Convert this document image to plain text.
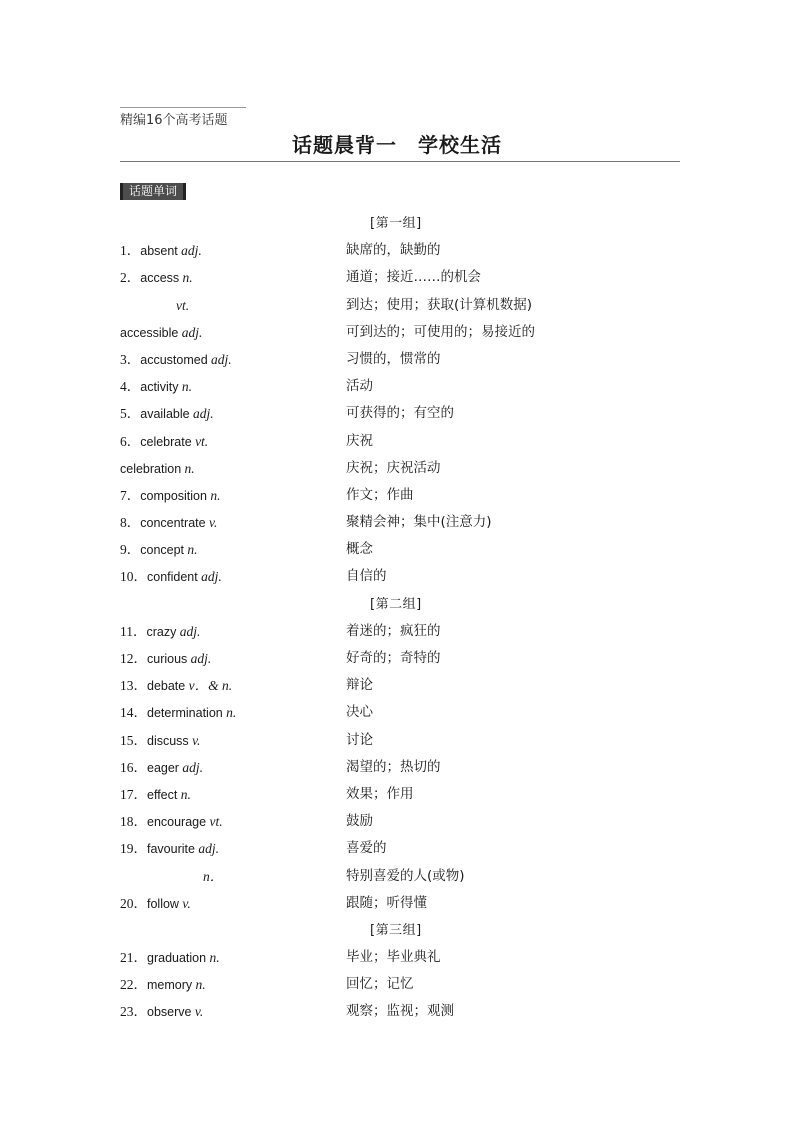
精编16个高考话题
话题晨背一　学校生活
话题单词
[第一组]
1．absent adj.	缺席的，缺勤的
2．access n.	通道；接近……的机会
vt.	到达；使用；获取(计算机数据)
accessible adj.	可到达的；可使用的；易接近的
3．accustomed adj.	习惯的，惯常的
4．activity n.	活动
5．available adj.	可获得的；有空的
6．celebrate vt.	庆祝
celebration n.	庆祝；庆祝活动
7．composition n.	作文；作曲
8．concentrate v.	聚精会神；集中(注意力)
9．concept n.	概念
10．confident adj.	自信的
[第二组]
11．crazy adj.	着迷的；疯狂的
12．curious adj.	好奇的；奇特的
13．debate v．& n.	辩论
14．determination n.	决心
15．discuss v.	讨论
16．eager adj.	渴望的；热切的
17．effect n.	效果；作用
18．encourage vt.	鼓励
19．favourite adj.	喜爱的
n．	特别喜爱的人(或物)
20．follow v.	跟随；听得懂
[第三组]
21．graduation n.	毕业；毕业典礼
22．memory n.	回忆；记忆
23．observe v.	观察；监视；观测
